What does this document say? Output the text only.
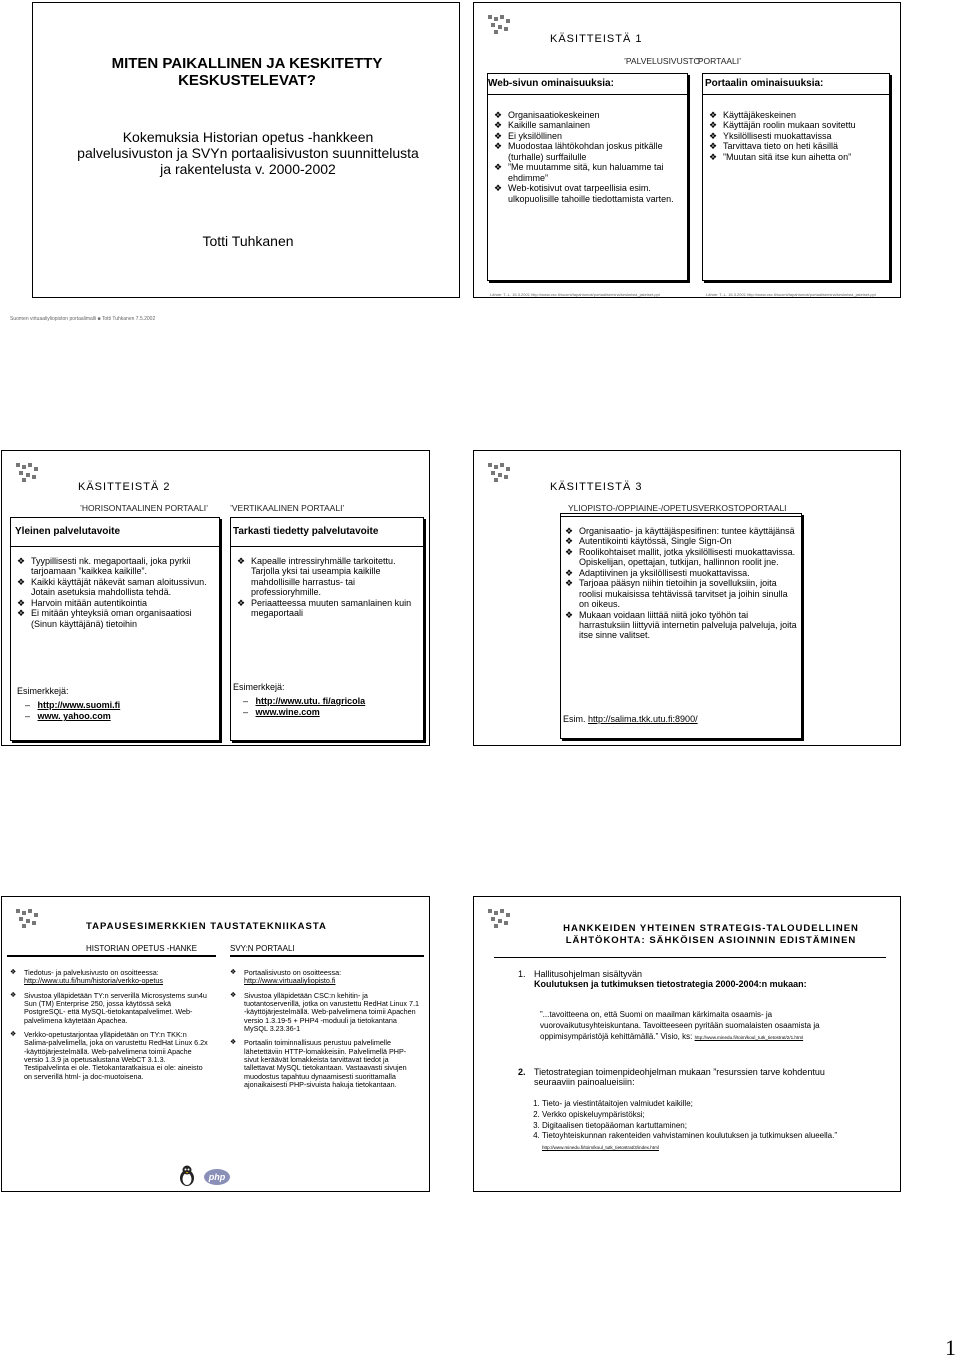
MITEN PAIKALLINEN JA KESKITETTY KESKUSTELEVAT?
Kokemuksia Historian opetus -hankkeen palvelusivuston ja SVYn portaalisivuston suunnittelusta ja rakentelusta v. 2000-2002
Totti Tuhkanen
Suomen virtuaaliyliopiston portaalimalli ■ Totti Tuhkanen 7.5.2002
KÄSITTEISTÄ 1
’PALVELUSIVUSTO’
’PORTAALI’
Web-sivun ominaisuuksia:
❖ Organisaatiokeskeinen
❖ Kaikille samanlainen
❖ Ei yksilöllinen
❖ Muodostaa lähtökohdan joskus pitkälle (turhalle) surffailulle
❖ ”Me muutamme sitä, kun haluamme tai ehdimme”
❖ Web-kotisivut ovat tarpeellisia esim. ulkopuolisille tahoille tiedottamista varten.
Portaalin ominaisuuksia:
❖ Käyttäjäkeskeinen
❖ Käyttäjän roolin mukaan sovitettu
❖ Yksilöllisesti muokattavissa
❖ Tarvittava tieto on heti käsillä
❖ ”Muutan sitä itse kun aihetta on”
Lähde: T.-L. 16.3.2001 http://www.csc.fi/suomi/tapahtumat/portaalisemina/keskeisia_jakeiset.ppt	Lähde: T.-L. 16.3.2001 http://www.csc.fi/suomi/tapahtumat/portaalisemina/keskeisia_jakeiset.ppt
KÄSITTEISTÄ 2
’HORISONTAALINEN PORTAALI’	’VERTIKAALINEN PORTAALI’
Yleinen palvelutavoite
❖ Tyypillisesti nk. megaportaali, joka pyrkii tarjoamaan ”kaikkea kaikille”.
❖ Kaikki käyttäjät näkevät saman aloitussivun. Jotain asetuksia mahdollista tehdä.
❖ Harvoin mitään autentikointia
❖ Ei mitään yhteyksiä oman organisaatiosi (Sinun käyttäjänä) tietoihin
Esimerkkejä:
–   http://www.suomi.fi
–   www. yahoo.com
Tarkasti tiedetty palvelutavoite
❖ Kapealle intressiryhmälle tarkoitettu. Tarjolla yksi tai useampia kaikille mahdollisille harrastus- tai professioryhmille.
❖ Periaatteessa muuten samanlainen kuin megaportaali
Esimerkkejä:
–   http://www.utu. fi/agricola
–   www.wine.com
KÄSITTEISTÄ 3
YLIOPISTO-/OPPIAINE-/OPETUSVERKOSTOPORTAALI
❖ Organisaatio- ja käyttäjäspesifinen: tuntee käyttäjänsä
❖ Autentikointi käytössä, Single Sign-On
❖ Roolikohtaiset mallit, jotka yksilöllisesti muokattavissa. Opiskelijan, opettajan, tutkijan, hallinnon roolit jne.
❖ Adaptiivinen ja yksilöllisesti muokattavissa.
❖ Tarjoaa pääsyn niihin tietoihin ja sovelluksiin, joita roolisi mukaisissa tehtävissä tarvitset ja joihin sinulla on oikeus.
❖ Mukaan voidaan liittää niitä joko työhön tai harrastuksiin liittyviä internetin palveluja palveluja, joita itse sinne valitset.
Esim. http://salima.tkk.utu.fi:8900/
TAPAUSESIMERKKIEN TAUSTATEKNIIKASTA
HISTORIAN OPETUS -HANKE	SVY:N PORTAALI
❖ Tiedotus- ja palvelusivusto on osoitteessa:
http://www.utu.fi/hum/historia/verkko-opetus
❖ Sivustoa ylläpidetään TY:n serverillä Microsystems sun4u Sun (TM) Enterprise 250, jossa käytössä sekä PostgreSQL- että MySQL-tietokantapalvelimet. Web-palvelimena käytetään Apachea.
❖ Verkko-opetustarjontaa ylläpidetään on TY:n TKK:n Salima-palvelimella, joka on varustettu RedHat Linux 6.2x -käyttöjärjestelmällä. Web-palvelimena toimii Apache versio 1.3.9 ja opetusalustana WebCT 3.1.3. Testipalvelinta ei ole. Tietokantaratkaisua ei ole: aineisto on serverillä html- ja doc-muotoisena.
❖ Portaalisivusto on osoitteessa:
http://www.virtuaaliyliopisto.fi
❖ Sivustoa ylläpidetään CSC:n kehitin- ja tuotantoserverillä, jotka on varustettu RedHat Linux 7.1 -käyttöjärjestelmällä. Web-palvelimena toimii Apachen versio 1.3.19-5 + PHP4 -moduuli ja tietokantana MySQL 3.23.36-1
❖ Portaalin toiminnallisuus perustuu palvelimelle lähetettäviin HTTP-lomakkeisiin. Palvelimellä PHP-sivut keräävät lomakkeista tarvittavat tiedot ja tallettavat MySQL tietokantaan. Vastaavasti sivujen muodostus tapahtuu dynaamisesti suorittamalla ajonaikaisesti PHP-sivuista hakuja tietokantaan.
php
HANKKEIDEN YHTEINEN STRATEGIS-TALOUDELLINEN LÄHTÖKOHTA: SÄHKÖISEN ASIOINNIN EDISTÄMINEN
1. Hallitusohjelman sisältyvän
Koulutuksen ja tutkimuksen tietostrategia 2000-2004:n mukaan:
”...tavoitteena on, että Suomi on maailman kärkimaita osaamis- ja vuorovaikutusyhteiskuntana. Tavoitteeseen pyritään suomalaisten osaamista ja oppimisympäristöjä kehittämällä.” Visio, ks: http://www.minedu.fi/toim/koul_tutk_tietostrat/2/1.html
2. Tietostrategian toimenpideohjelman mukaan ”resurssien tarve kohdentuu seuraaviin painoalueisiin:
1. Tieto- ja viestintätaitojen valmiudet kaikille;
2. Verkko opiskeluympäristöksi;
3. Digitaalisen tietopääoman kartuttaminen;
4. Tietoyhteiskunnan rakenteiden vahvistaminen koulutuksen ja tutkimuksen alueella.” http://www.minedu.fi/toim/koul_tutk_tietostrat/3/index.html
1
